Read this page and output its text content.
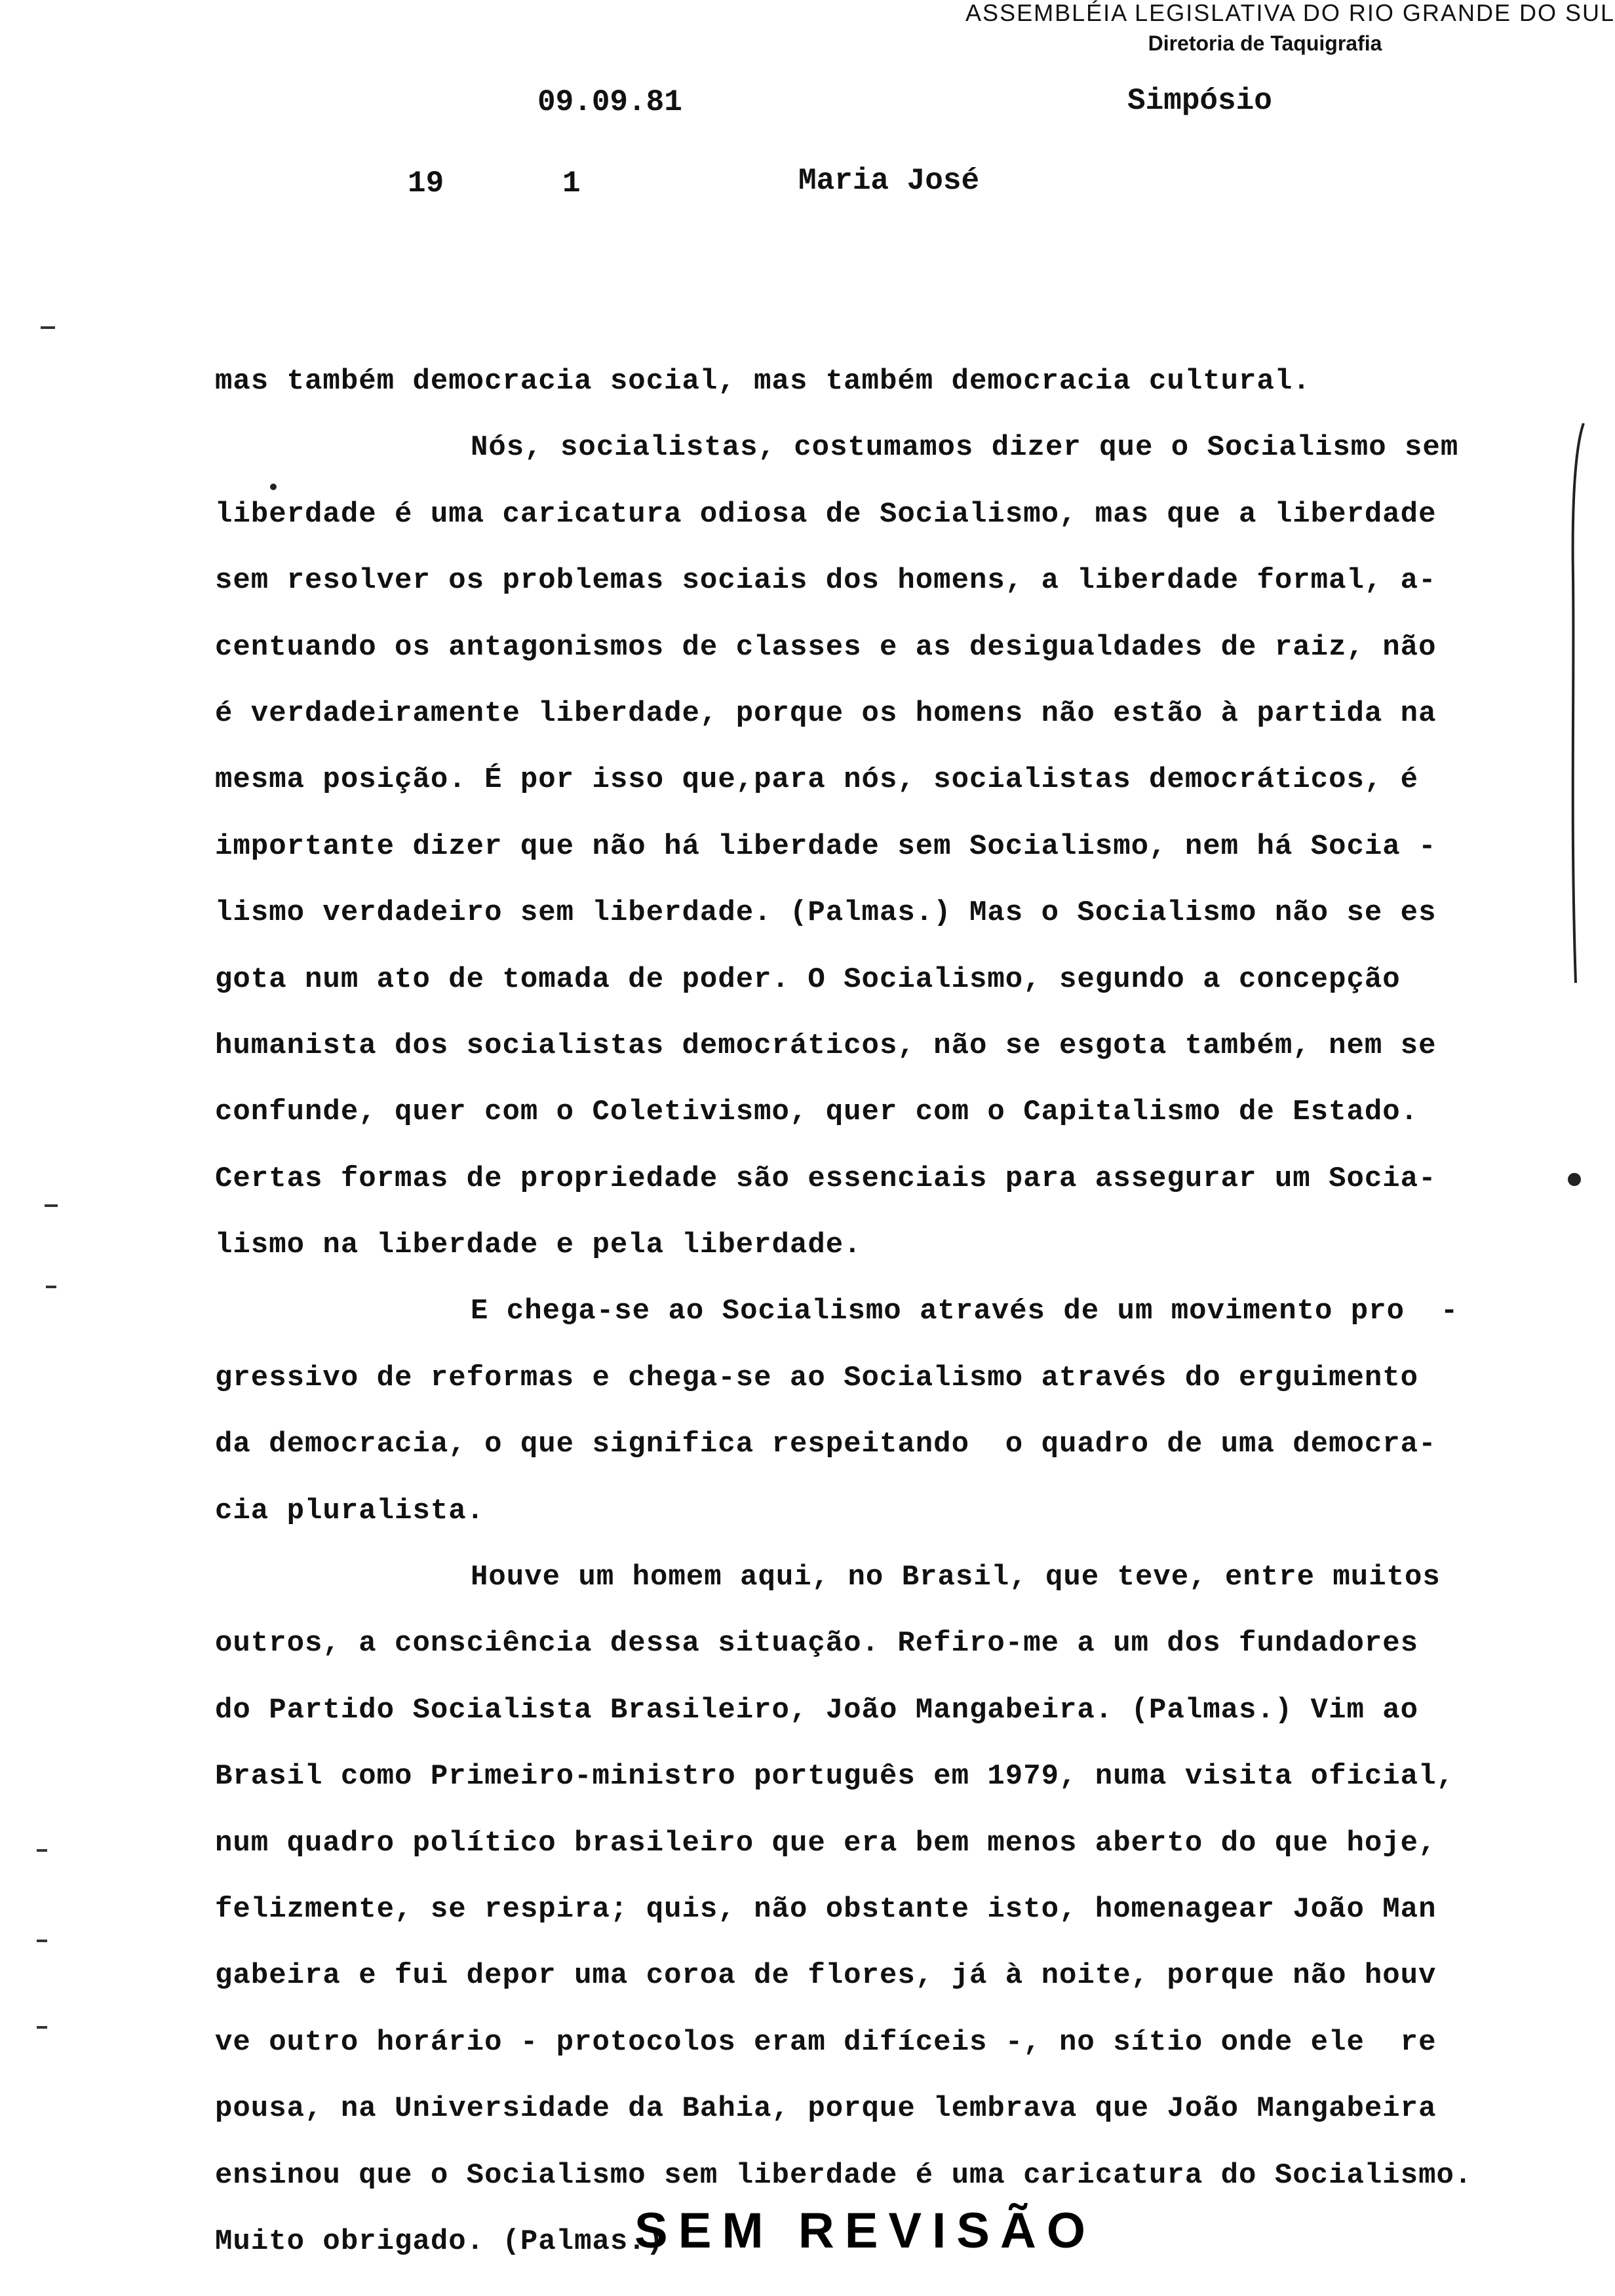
ASSEMBLÉIA LEGISLATIVA DO RIO GRANDE DO SUL
Diretoria de Taquigrafia
09.09.81	Simpósio
19	1	Maria José
mas também democracia social, mas também democracia cultural.
Nós, socialistas, costumamos dizer que o Socialismo sem
liberdade é uma caricatura odiosa de Socialismo, mas que a liberdade
sem resolver os problemas sociais dos homens, a liberdade formal, a-
centuando os antagonismos de classes e as desigualdades de raiz, não
é verdadeiramente liberdade, porque os homens não estão à partida na
mesma posição. É por isso que,para nós, socialistas democráticos, é
importante dizer que não há liberdade sem Socialismo, nem há Socia -
lismo verdadeiro sem liberdade. (Palmas.) Mas o Socialismo não se es
gota num ato de tomada de poder. O Socialismo, segundo a concepção
humanista dos socialistas democráticos, não se esgota também, nem se
confunde, quer com o Coletivismo, quer com o Capitalismo de Estado.
Certas formas de propriedade são essenciais para assegurar um Socia-
lismo na liberdade e pela liberdade.
E chega-se ao Socialismo através de um movimento pro  -
gressivo de reformas e chega-se ao Socialismo através do erguimento
da democracia, o que significa respeitando  o quadro de uma democra-
cia pluralista.
Houve um homem aqui, no Brasil, que teve, entre muitos
outros, a consciência dessa situação. Refiro-me a um dos fundadores
do Partido Socialista Brasileiro, João Mangabeira. (Palmas.) Vim ao
Brasil como Primeiro-ministro português em 1979, numa visita oficial,
num quadro político brasileiro que era bem menos aberto do que hoje,
felizmente, se respira; quis, não obstante isto, homenagear João Man
gabeira e fui depor uma coroa de flores, já à noite, porque não houv
ve outro horário - protocolos eram difíceis -, no sítio onde ele  re
pousa, na Universidade da Bahia, porque lembrava que João Mangabeira
ensinou que o Socialismo sem liberdade é uma caricatura do Socialismo.
Muito obrigado. (Palmas.)
SEM REVISÃO
